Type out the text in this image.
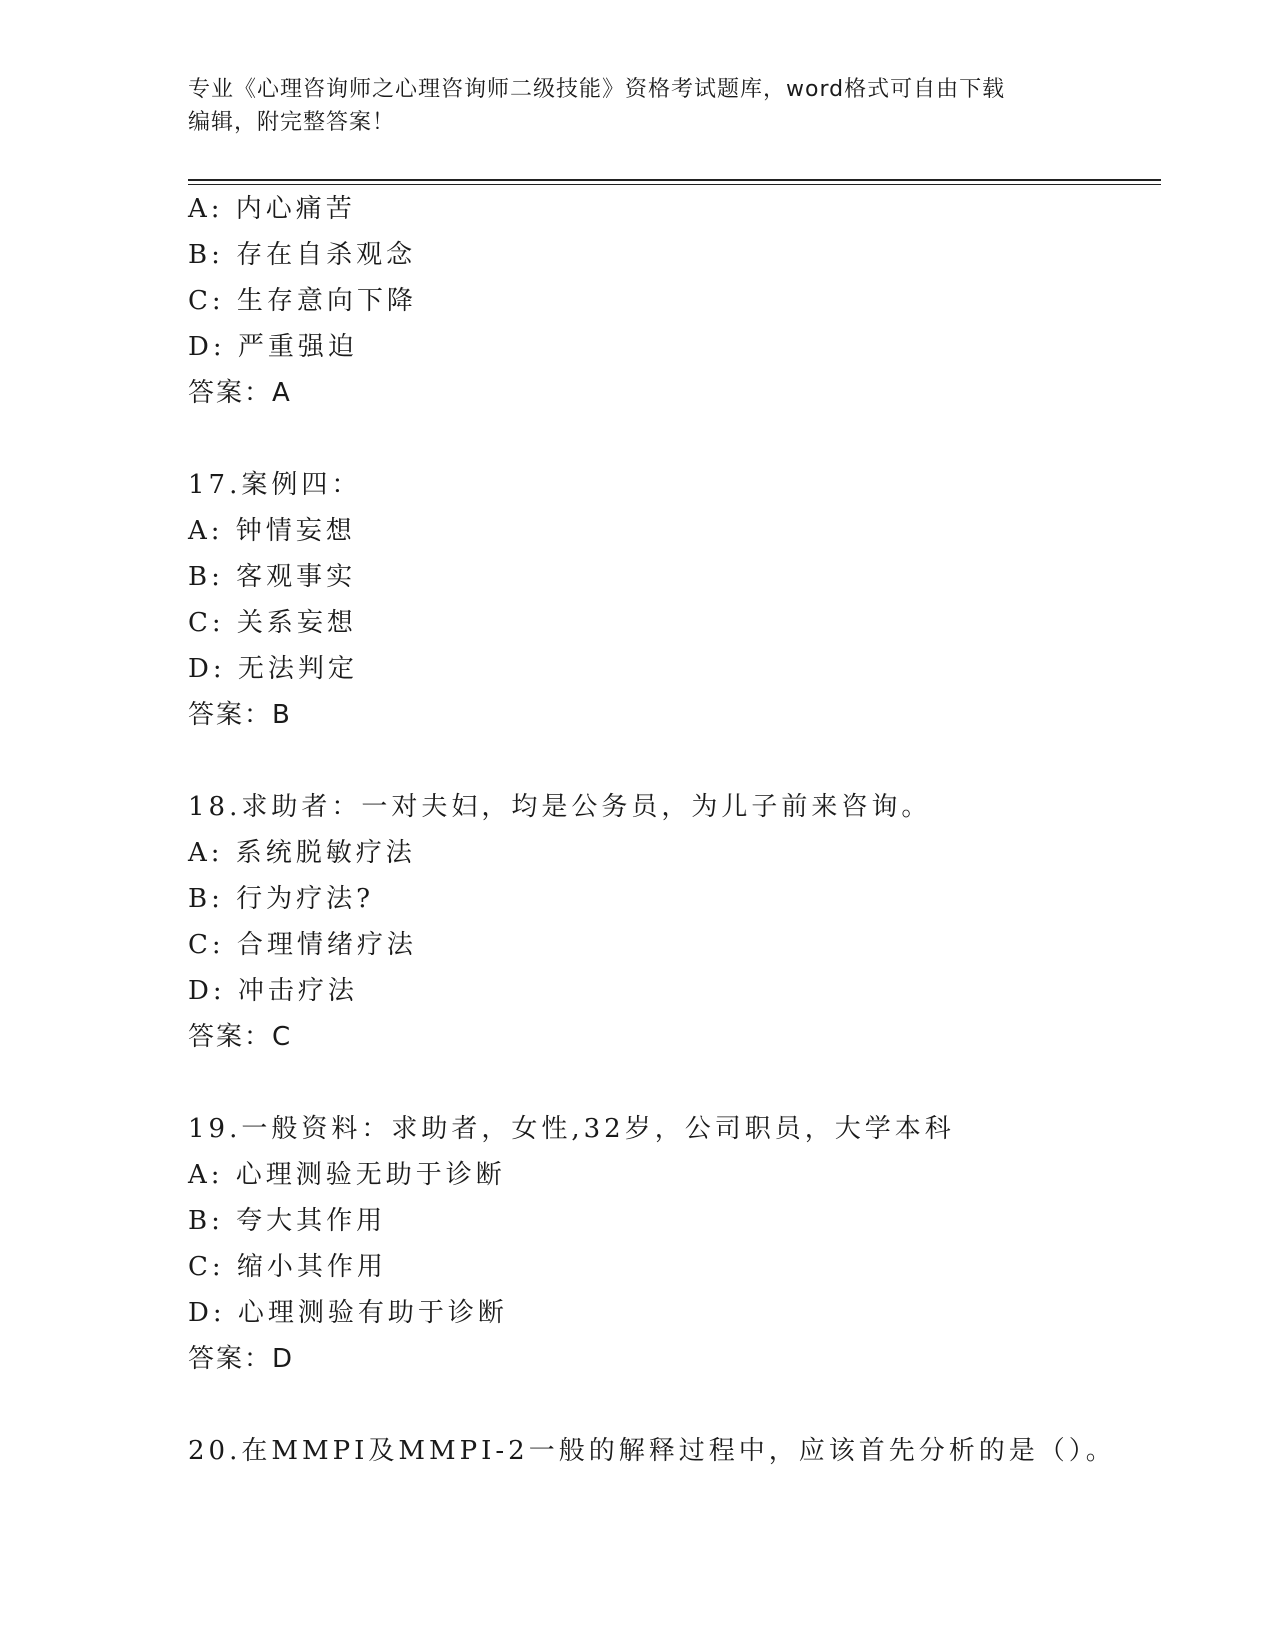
专业《心理咨询师之心理咨询师二级技能》资格考试题库，word格式可自由下载
编辑，附完整答案！
A: 内心痛苦
B: 存在自杀观念
C: 生存意向下降
D: 严重强迫
答案：A
17.案例四：
A: 钟情妄想
B: 客观事实
C: 关系妄想
D: 无法判定
答案：B
18.求助者：一对夫妇，均是公务员，为儿子前来咨询。
A: 系统脱敏疗法
B: 行为疗法?
C: 合理情绪疗法
D: 冲击疗法
答案：C
19.一般资料：求助者，女性,32岁，公司职员，大学本科
A: 心理测验无助于诊断
B: 夸大其作用
C: 缩小其作用
D: 心理测验有助于诊断
答案：D
20.在MMPI及MMPI-2一般的解释过程中，应该首先分析的是（）。
